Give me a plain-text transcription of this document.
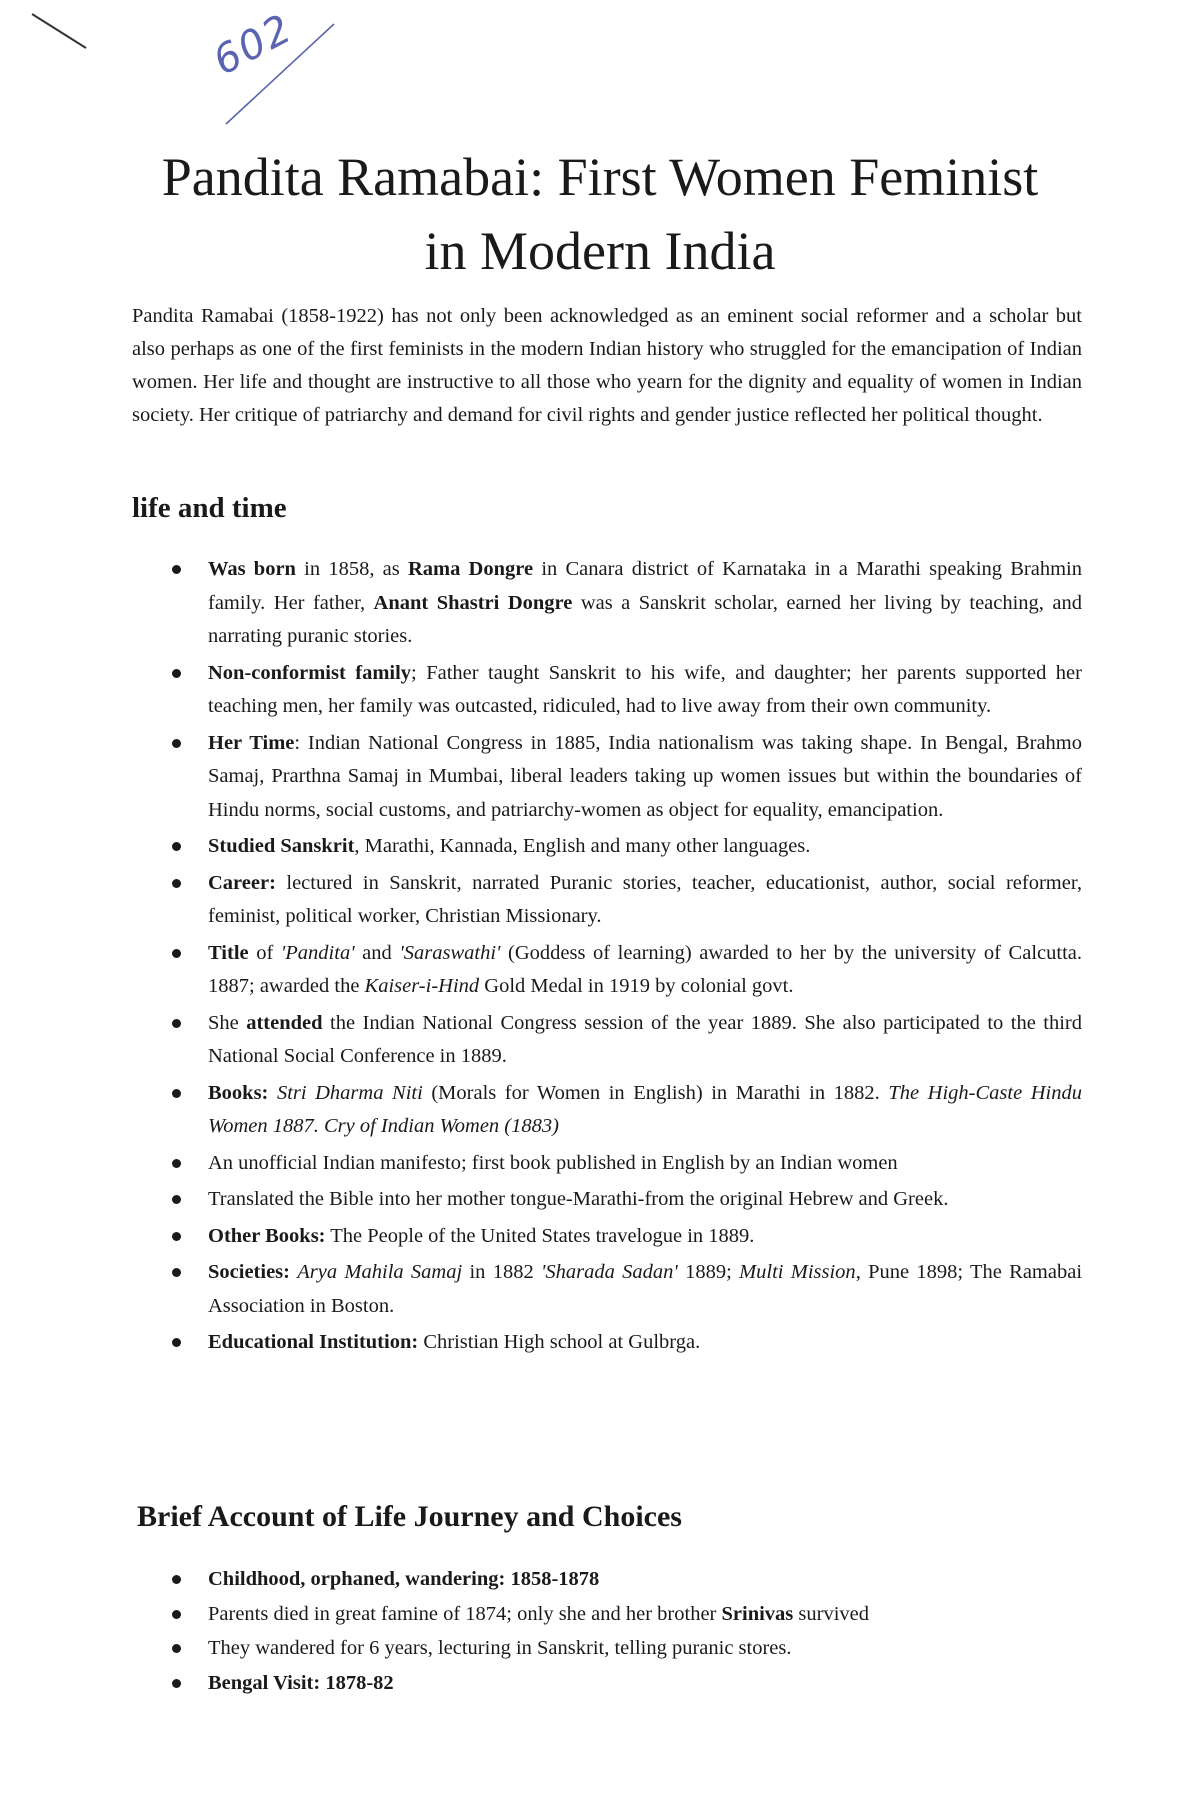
602
Pandita Ramabai: First Women Feminist
in Modern India

Pandita Ramabai (1858-1922) has not only been acknowledged as an eminent social reformer and a scholar but also perhaps as one of the first feminists in the modern Indian history who struggled for the emancipation of Indian women. Her life and thought are instructive to all those who yearn for the dignity and equality of women in Indian society. Her critique of patriarchy and demand for civil rights and gender justice reflected her political thought.

life and time
Was born in 1858, as Rama Dongre in Canara district of Karnataka in a Marathi speaking Brahmin family. Her father, Anant Shastri Dongre was a Sanskrit scholar, earned her living by teaching, and narrating puranic stories.
Non-conformist family; Father taught Sanskrit to his wife, and daughter; her parents supported her teaching men, her family was outcasted, ridiculed, had to live away from their own community.
Her Time: Indian National Congress in 1885, India nationalism was taking shape. In Bengal, Brahmo Samaj, Prarthna Samaj in Mumbai, liberal leaders taking up women issues but within the boundaries of Hindu norms, social customs, and patriarchy-women as object for equality, emancipation.
Studied Sanskrit, Marathi, Kannada, English and many other languages.
Career: lectured in Sanskrit, narrated Puranic stories, teacher, educationist, author, social reformer, feminist, political worker, Christian Missionary.
Title of 'Pandita' and 'Saraswathi' (Goddess of learning) awarded to her by the university of Calcutta. 1887; awarded the Kaiser-i-Hind Gold Medal in 1919 by colonial govt.
She attended the Indian National Congress session of the year 1889. She also participated to the third National Social Conference in 1889.
Books: Stri Dharma Niti (Morals for Women in English) in Marathi in 1882. The High-Caste Hindu Women 1887. Cry of Indian Women (1883)
An unofficial Indian manifesto; first book published in English by an Indian women
Translated the Bible into her mother tongue-Marathi-from the original Hebrew and Greek.
Other Books: The People of the United States travelogue in 1889.
Societies: Arya Mahila Samaj in 1882 'Sharada Sadan' 1889; Multi Mission, Pune 1898; The Ramabai Association in Boston.
Educational Institution: Christian High school at Gulbrga.
Brief Account of Life Journey and Choices
Childhood, orphaned, wandering: 1858-1878
Parents died in great famine of 1874; only she and her brother Srinivas survived
They wandered for 6 years, lecturing in Sanskrit, telling puranic stores.
Bengal Visit: 1878-82
